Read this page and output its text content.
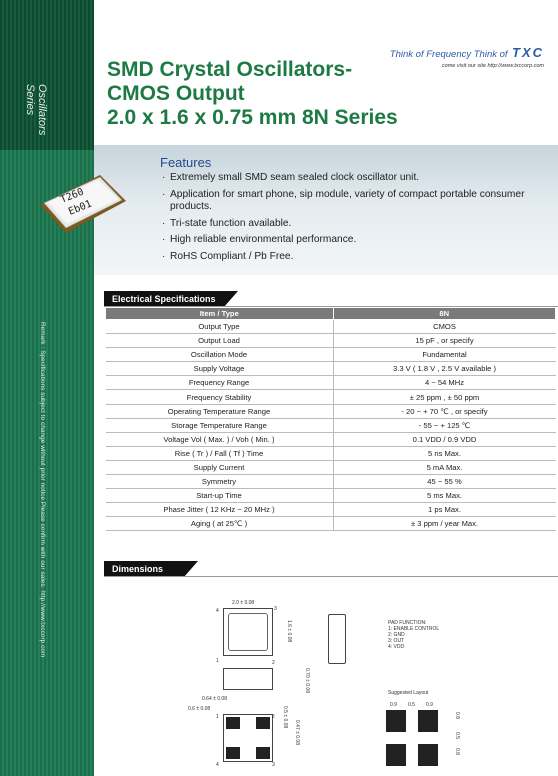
Oscillators
Series
Remark : Specifications subject to change without prior notice.Please confirm with our sales. http://www.txccorp.com
SMD Crystal Oscillators-
CMOS Output
2.0 x 1.6 x 0.75 mm 8N Series
Think of Frequency Think of TXC
come visit our site http://www.txccorp.com
T260
Eb01
Features
· Extremely small SMD seam sealed clock oscillator unit.
· Application for smart phone, sip module, variety of compact portable consumer products.
· Tri-state function available.
· High reliable environmental performance.
· RoHS Compliant / Pb Free.
Electrical Specifications
Item / Type	8N
Output Type	CMOS
Output Load	15 pF , or specify
Oscillation Mode	Fundamental
Supply Voltage	3.3 V ( 1.8 V , 2.5 V available )
Frequency Range	4 ~ 54 MHz
Frequency Stability	± 25 ppm , ± 50 ppm
Operating Temperature Range	- 20 ~ + 70 ℃ , or specify
Storage Temperature Range	- 55 ~ + 125 ℃
Voltage Vol ( Max. ) / Voh ( Min. )	0.1 VDD / 0.9 VDD
Rise ( Tr ) / Fall ( Tf ) Time	5 ns Max.
Supply Current	5 mA Max.
Symmetry	45 ~ 55 %
Start-up Time	5 ms Max.
Phase Jitter ( 12 KHz ~ 20 MHz )	1 ps Max.
Aging ( at 25℃ )	± 3 ppm / year Max.
Dimensions
2.0 ± 0.08
4	3
1	2
1.6 ± 0.08
0.70 ± 0.08
0.64 ± 0.08
0.6 ± 0.08
1	2
4	3
0.5 ± 0.08
0.47 ± 0.08
PAD FUNCTION:
1: ENABLE CONTROL
2: GND
3: OUT
4: VDD
Suggested Layout
0.9 0.5 0.9
0.8
0.5
0.8
